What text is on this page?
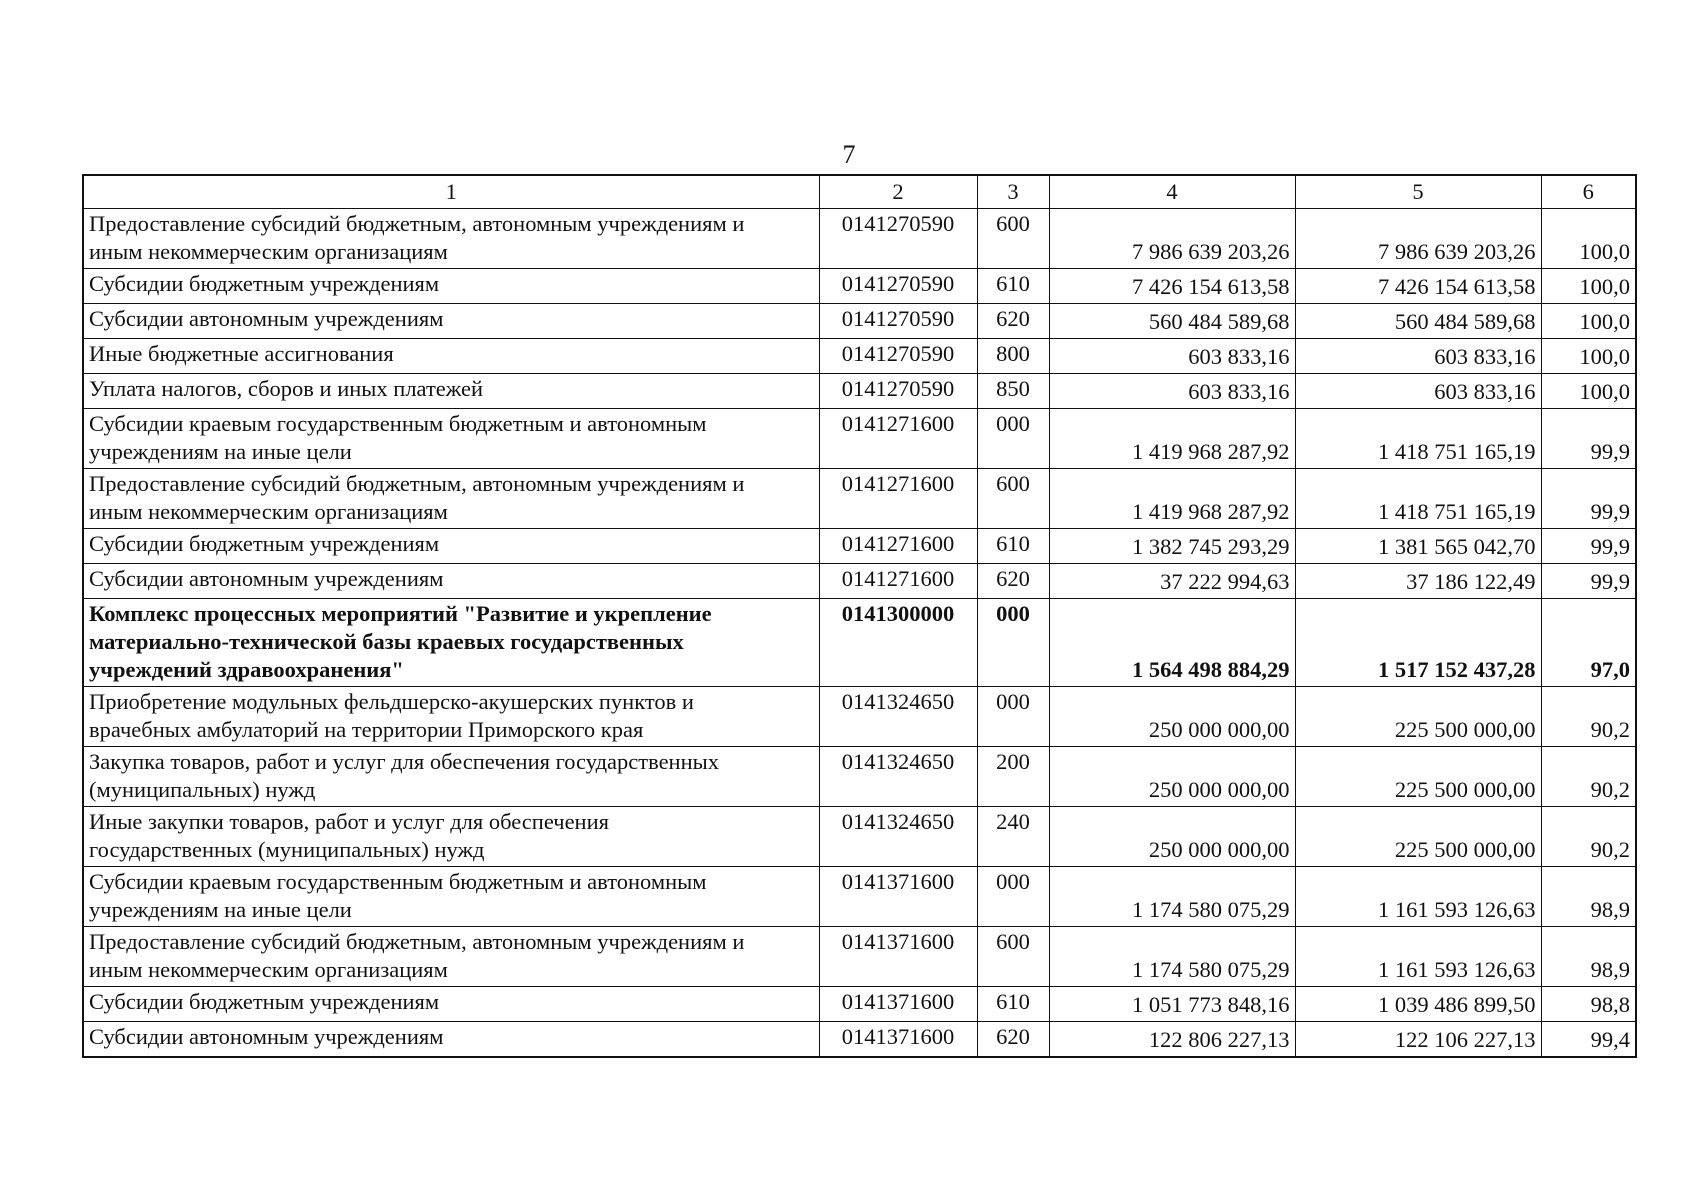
7
1	2	3	4	5	6

Предоставление субсидий бюджетным, автономным учреждениям и
иным некоммерческим организациям	0141270590	600	7 986 639 203,26	7 986 639 203,26	100,0

Субсидии бюджетным учреждениям	0141270590	610	7 426 154 613,58	7 426 154 613,58	100,0

Субсидии автономным учреждениям	0141270590	620	560 484 589,68	560 484 589,68	100,0

Иные бюджетные ассигнования	0141270590	800	603 833,16	603 833,16	100,0

Уплата налогов, сборов и иных платежей	0141270590	850	603 833,16	603 833,16	100,0

Субсидии краевым государственным бюджетным и автономным
учреждениям на иные цели	0141271600	000	1 419 968 287,92	1 418 751 165,19	99,9

Предоставление субсидий бюджетным, автономным учреждениям и
иным некоммерческим организациям	0141271600	600	1 419 968 287,92	1 418 751 165,19	99,9

Субсидии бюджетным учреждениям	0141271600	610	1 382 745 293,29	1 381 565 042,70	99,9

Субсидии автономным учреждениям	0141271600	620	37 222 994,63	37 186 122,49	99,9

Комплекс процессных мероприятий "Развитие и укрепление
материально-технической базы краевых государственных
учреждений здравоохранения"	0141300000	000	1 564 498 884,29	1 517 152 437,28	97,0

Приобретение модульных фельдшерско-акушерских пунктов и
врачебных амбулаторий на территории Приморского края	0141324650	000	250 000 000,00	225 500 000,00	90,2

Закупка товаров, работ и услуг для обеспечения государственных
(муниципальных) нужд	0141324650	200	250 000 000,00	225 500 000,00	90,2

Иные закупки товаров, работ и услуг для обеспечения
государственных (муниципальных) нужд	0141324650	240	250 000 000,00	225 500 000,00	90,2

Субсидии краевым государственным бюджетным и автономным
учреждениям на иные цели	0141371600	000	1 174 580 075,29	1 161 593 126,63	98,9

Предоставление субсидий бюджетным, автономным учреждениям и
иным некоммерческим организациям	0141371600	600	1 174 580 075,29	1 161 593 126,63	98,9

Субсидии бюджетным учреждениям	0141371600	610	1 051 773 848,16	1 039 486 899,50	98,8

Субсидии автономным учреждениям	0141371600	620	122 806 227,13	122 106 227,13	99,4
